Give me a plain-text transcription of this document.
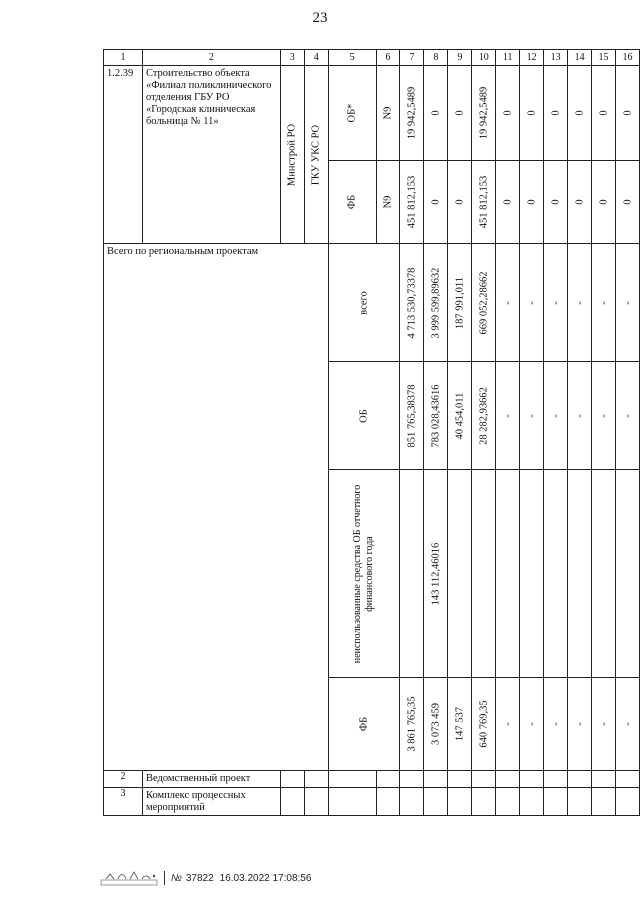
23
1	2	3	4	5	6	7	8	9	10	11	12	13	14	15	16
1.2.39	Строительство объекта «Филиал поликлинического отделения ГБУ РО «Городская клиническая больница № 11»	Минстрой РО	ГКУ УКС РО	ОБ*	N9	19 942,5489	0	0	19 942,5489	0	0	0	0	0	0

				ФБ	N9	451 812,153	0	0	451 812,153	0	0	0	0	0	0

Всего по региональным проектам				всего		4 713 530,73378	3 999 599,89632	187 991,011	669 052,28662	-	-	-	-	-	-

				ОБ		851 765,38378	783 028,43616	40 454,011	28 282,93662	-	-	-	-	-	-

				неиспользованные средства ОБ отчетного финансового года			143 112,46016								

				ФБ		3 861 765,35	3 073 459	147 537	640 769,35	-	-	-	-	-	-

2	Ведомственный проект														
3	Комплекс процессных мероприятий														
№ 37822 16.03.2022 17:08:56
